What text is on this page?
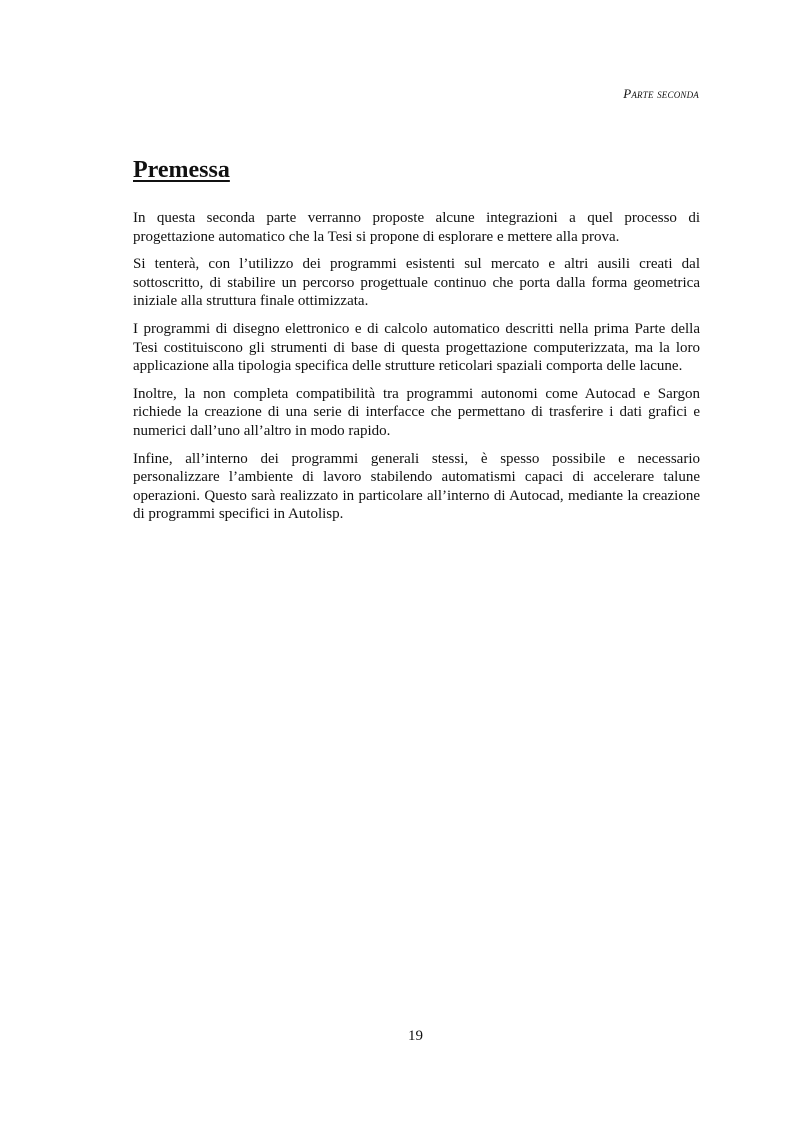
Parte seconda
Premessa

In questa seconda parte verranno proposte alcune integrazioni a quel processo di progettazione automatico che la Tesi si propone di esplorare e mettere alla prova.

Si tenterà, con l’utilizzo dei programmi esistenti sul mercato e altri ausili creati dal sottoscritto, di stabilire un percorso progettuale continuo che porta dalla forma geometrica iniziale alla struttura finale ottimizzata.

I programmi di disegno elettronico e di calcolo automatico descritti nella prima Parte della Tesi costituiscono gli strumenti di base di questa progettazione computerizzata, ma la loro applicazione alla tipologia specifica delle strutture reticolari spaziali comporta delle lacune.

Inoltre, la non completa compatibilità tra programmi autonomi come Autocad e Sargon richiede la creazione di una serie di interfacce che permettano di trasferire i dati grafici e numerici dall’uno all’altro in modo rapido.

Infine, all’interno dei programmi generali stessi, è spesso possibile e necessario personalizzare l’ambiente di lavoro stabilendo automatismi capaci di accelerare talune operazioni. Questo sarà realizzato in particolare all’interno di Autocad, mediante la creazione di programmi specifici in Autolisp.

19
